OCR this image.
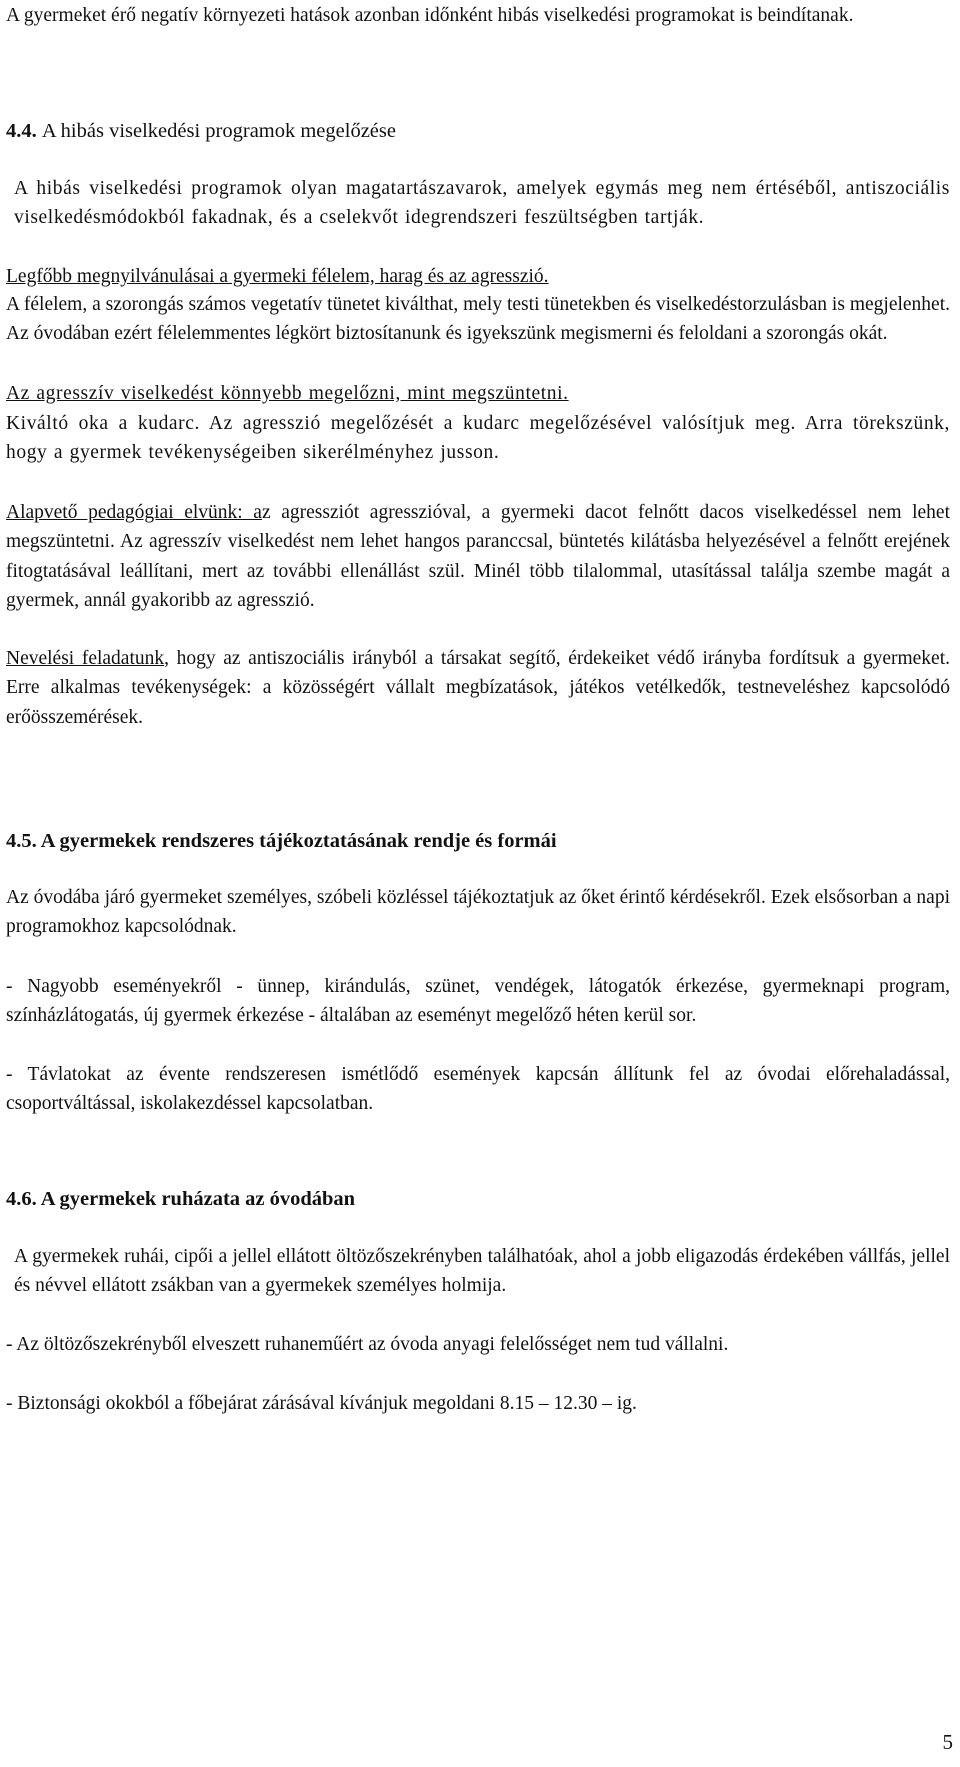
A gyermeket érő negatív környezeti hatások azonban időnként hibás viselkedési programokat is beindítanak.

4.4. A hibás viselkedési programok megelőzése

A hibás viselkedési programok olyan magatartászavarok, amelyek egymás meg nem értéséből, antiszociális viselkedésmódokból fakadnak, és a cselekvőt idegrendszeri feszültségben tartják.

Legfőbb megnyilvánulásai a gyermeki félelem, harag és az agresszió.

A félelem, a szorongás számos vegetatív tünetet kiválthat, mely testi tünetekben és viselkedéstorzulásban is megjelenhet. Az óvodában ezért félelemmentes légkört biztosítanunk és igyekszünk megismerni és feloldani a szorongás okát.

Az agresszív viselkedést könnyebb megelőzni, mint megszüntetni.

Kiváltó oka a kudarc. Az agresszió megelőzését a kudarc megelőzésével valósítjuk meg. Arra törekszünk, hogy a gyermek tevékenységeiben sikerélményhez jusson.

Alapvető pedagógiai elvünk: az agressziót agresszióval, a gyermeki dacot felnőtt dacos viselkedéssel nem lehet megszüntetni. Az agresszív viselkedést nem lehet hangos paranccsal, büntetés kilátásba helyezésével a felnőtt erejének fitogtatásával leállítani, mert az további ellenállást szül. Minél több tilalommal, utasítással találja szembe magát a gyermek, annál gyakoribb az agresszió.

Nevelési feladatunk, hogy az antiszociális irányból a társakat segítő, érdekeiket védő irányba fordítsuk a gyermeket. Erre alkalmas tevékenységek: a közösségért vállalt megbízatások, játékos vetélkedők, testneveléshez kapcsolódó erőösszemérések.

4.5. A gyermekek rendszeres tájékoztatásának rendje és formái

Az óvodába járó gyermeket személyes, szóbeli közléssel tájékoztatjuk az őket érintő kérdésekről. Ezek elsősorban a napi programokhoz kapcsolódnak.

- Nagyobb eseményekről - ünnep, kirándulás, szünet, vendégek, látogatók érkezése, gyermeknapi program, színházlátogatás, új gyermek érkezése - általában az eseményt megelőző héten kerül sor.

- Távlatokat az évente rendszeresen ismétlődő események kapcsán állítunk fel az óvodai előrehaladással, csoportváltással, iskolakezdéssel kapcsolatban.

4.6. A gyermekek ruházata az óvodában

A gyermekek ruhái, cipői a jellel ellátott öltözőszekrényben találhatóak, ahol a jobb eligazodás érdekében vállfás, jellel és névvel ellátott zsákban van a gyermekek személyes holmija.

- Az öltözőszekrényből elveszett ruhaneműért az óvoda anyagi felelősséget nem tud vállalni.

- Biztonsági okokból a főbejárat zárásával kívánjuk megoldani 8.15 – 12.30 – ig.

5
